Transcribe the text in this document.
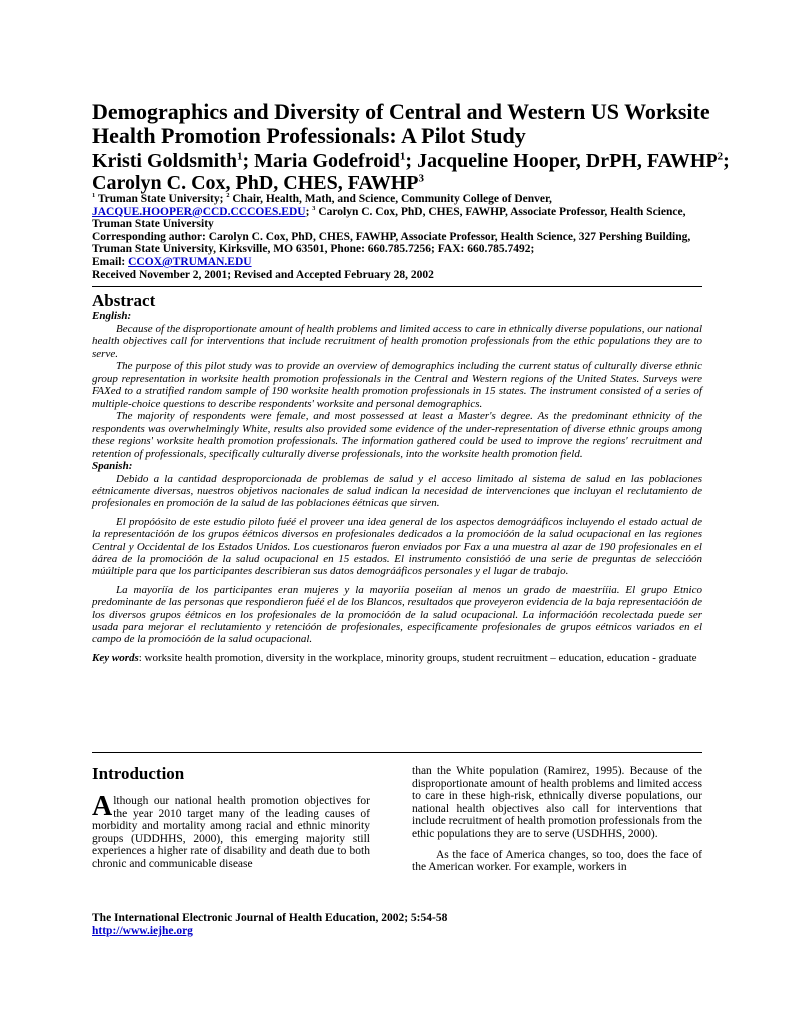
Demographics and Diversity of Central and Western US Worksite Health Promotion Professionals: A Pilot Study

Kristi Goldsmith$^1$; Maria Godefroid$^1$; Jacqueline Hooper, DrPH, FAWHP$^2$; Carolyn C. Cox, PhD, CHES, FAWHP$^3$

$^1$ Truman State University; $^2$ Chair, Health, Math, and Science, Community College of Denver, JACQUE.HOOPER@CCD.CCCOES.EDU; $^3$ Carolyn C. Cox, PhD, CHES, FAWHP, Associate Professor, Health Science, Truman State University
Corresponding author: Carolyn C. Cox, PhD, CHES, FAWHP, Associate Professor, Health Science, 327 Pershing Building, Truman State University, Kirksville, MO 63501, Phone: 660.785.7256; FAX: 660.785.7492;
Email: CCOX@TRUMAN.EDU
Received November 2, 2001; Revised and Accepted February 28, 2002
Abstract

English:

Because of the disproportionate amount of health problems and limited access to care in ethnically diverse populations, our national health objectives call for interventions that include recruitment of health promotion professionals from the ethic populations they are to serve.

The purpose of this pilot study was to provide an overview of demographics including the current status of culturally diverse ethnic group representation in worksite health promotion professionals in the Central and Western regions of the United States. Surveys were FAXed to a stratified random sample of 190 worksite health promotion professionals in 15 states. The instrument consisted of a series of multiple-choice questions to describe respondents' worksite and personal demographics.

The majority of respondents were female, and most possessed at least a Master's degree. As the predominant ethnicity of the respondents was overwhelmingly White, results also provided some evidence of the under-representation of diverse ethnic groups among these regions' worksite health promotion professionals. The information gathered could be used to improve the regions' recruitment and retention of professionals, specifically culturally diverse professionals, into the worksite health promotion field.

Spanish:

Debido a la cantidad desproporcionada de problemas de salud y el acceso limitado al sistema de salud en las poblaciones eétnicamente diversas, nuestros objetivos nacionales de salud indican la necesidad de intervenciones que incluyan el reclutamiento de profesionales en promoción de la salud de las poblaciones éétnicas que sirven.

El propóósito de este estudio piloto fuéé el proveer una idea general de los aspectos demográáficos incluyendo el estado actual de la representacióón de los grupos éétnicos diversos en profesionales dedicados a la promocióón de la salud ocupacional en las regiones Central y Occidental de los Estados Unidos. Los cuestionaros fueron enviados por Fax a una muestra al azar de 190 profesionales en el áárea de la promocióón de la salud ocupacional en 15 estados. El instrumento consistióó de una serie de preguntas de seleccióón múúltiple para que los participantes describieran sus datos demográáficos personales y el lugar de trabajo.

La mayoríía de los participantes eran mujeres y la mayoriía poseíían al menos un grado de maestrííia. El grupo Etnico predominante de las personas que respondieron fuéé el de los Blancos, resultados que proveyeron evidencia de la baja representacióón de los diversos grupos éétnicos en los profesionales de la promocióón de la salud ocupacional. La informacióón recolectada puede ser usada para mejorar el reclutamiento y retencióón de profesionales, especificamente profesionales de grupos eétnicos variados en el campo de la promocióón de la salud ocupacional.

Key words: worksite health promotion, diversity in the workplace, minority groups, student recruitment – education, education - graduate

Introduction
Although our national health promotion objectives for the year 2010 target many of the leading causes of morbidity and mortality among racial and ethnic minority groups (UDDHHS, 2000), this emerging majority still experiences a higher rate of disability and death due to both chronic and communicable disease

than the White population (Ramirez, 1995). Because of the disproportionate amount of health problems and limited access to care in these high-risk, ethnically diverse populations, our national health objectives also call for interventions that include recruitment of health promotion professionals from the ethic populations they are to serve (USDHHS, 2000).

As the face of America changes, so too, does the face of the American worker. For example, workers in

The International Electronic Journal of Health Education, 2002; 5:54-58
http://www.iejhe.org
